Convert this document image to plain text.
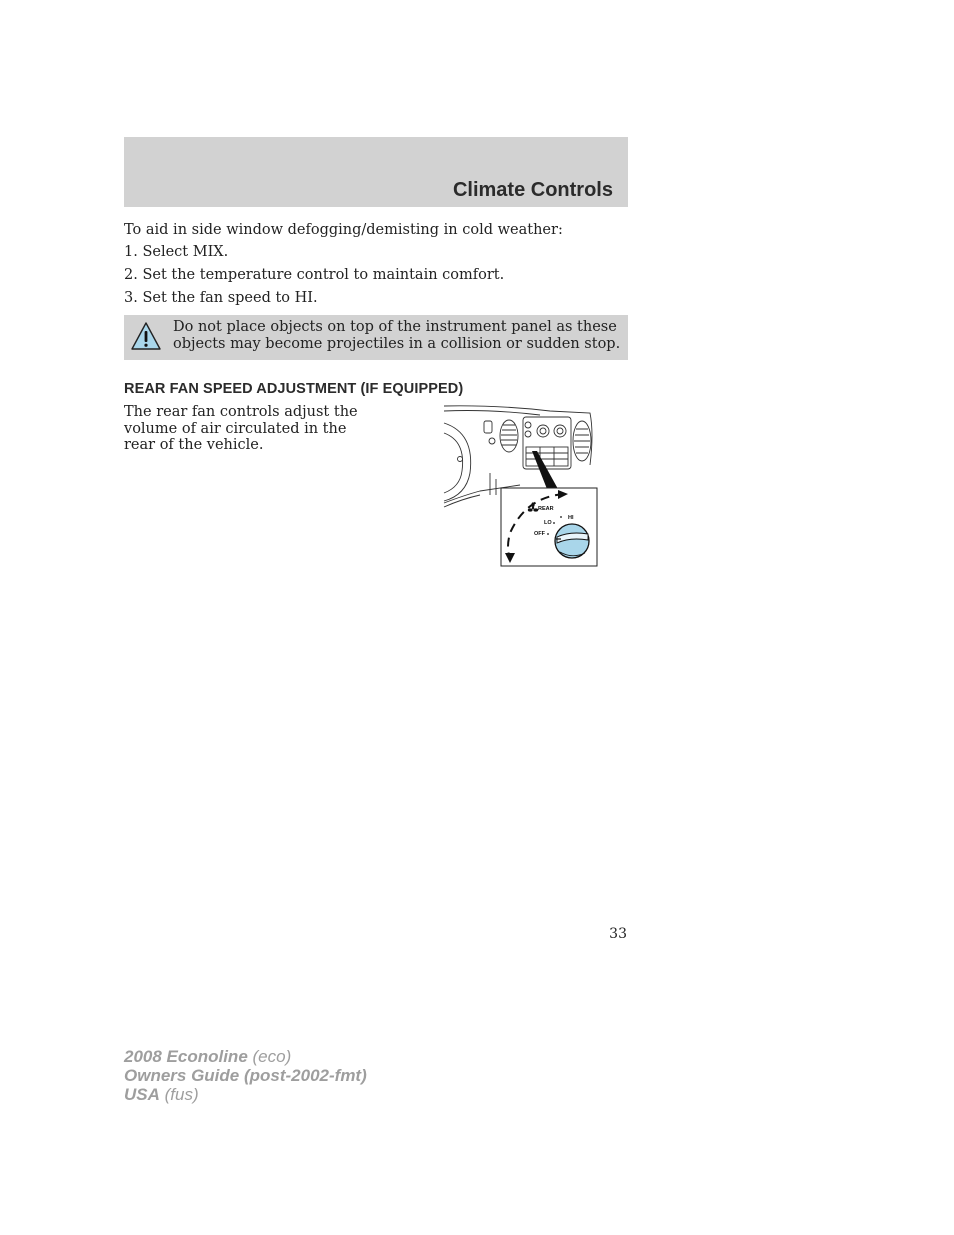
Climate Controls

To aid in side window defogging/demisting in cold weather:

1. Select MIX.

2. Set the temperature control to maintain comfort.

3. Set the fan speed to HI.

Do not place objects on top of the instrument panel as these objects may become projectiles in a collision or sudden stop.
REAR FAN SPEED ADJUSTMENT (IF EQUIPPED)
The rear fan controls adjust the volume of air circulated in the rear of the vehicle.
REAR
LO
HI
OFF
33
2008 Econoline (eco)
Owners Guide (post-2002-fmt)
USA (fus)
